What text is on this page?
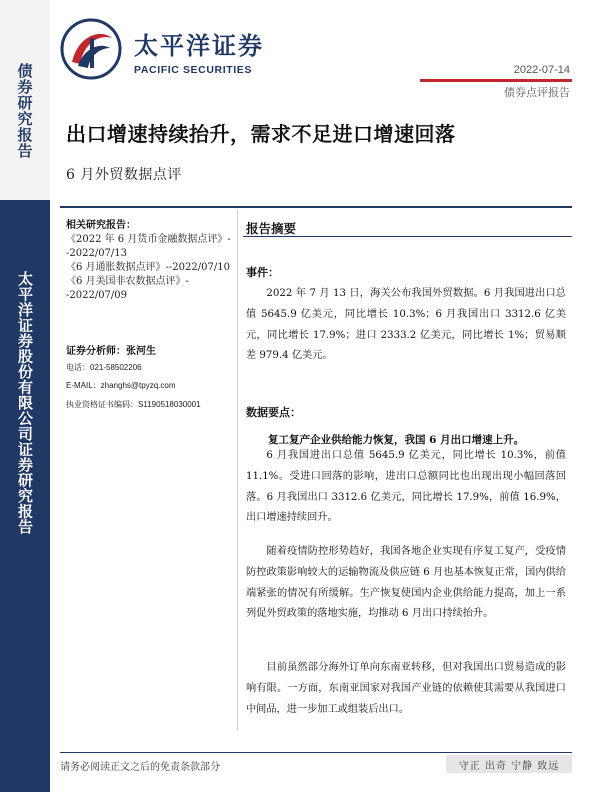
债券研究报告
太平洋证券股份有限公司证券研究报告
太平洋证券
PACIFIC SECURITIES	2022-07-14
债券点评报告
出口增速持续抬升，需求不足进口增速回落
6 月外贸数据点评
相关研究报告：
《2022 年 6 月货币金融数据点评》--2022/07/13
《6 月通胀数据点评》--2022/07/10
《6 月美国非农数据点评》--2022/07/09
证券分析师：张河生
电话：021-58502206
E-MAIL：zhanghs@tpyzq.com
执业资格证书编码：S1190518030001
报告摘要
事件：
2022 年 7 月 13 日，海关公布我国外贸数据。6 月我国进出口总值 5645.9 亿美元，同比增长 10.3%；6 月我国出口 3312.6 亿美元，同比增长 17.9%；进口 2333.2 亿美元，同比增长 1%；贸易顺差 979.4 亿美元。
数据要点：
复工复产企业供给能力恢复，我国 6 月出口增速上升。
6 月我国进出口总值 5645.9 亿美元，同比增长 10.3%，前值 11.1%。受进口回落的影响，进出口总额同比也出现出现小幅回落回落。6 月我国出口 3312.6 亿美元，同比增长 17.9%，前值 16.9%，出口增速持续回升。
随着疫情防控形势趋好，我国各地企业实现有序复工复产，受疫情防控政策影响较大的运输物流及供应链 6 月也基本恢复正常，国内供给端紧张的情况有所缓解。生产恢复使国内企业供给能力提高，加上一系列促外贸政策的落地实施，均推动 6 月出口持续抬升。
目前虽然部分海外订单向东南亚转移，但对我国出口贸易造成的影响有限。一方面，东南亚国家对我国产业链的依赖使其需要从我国进口中间品，进一步加工或组装后出口。
请务必阅读正文之后的免责条款部分	守正 出奇 宁静 致远
